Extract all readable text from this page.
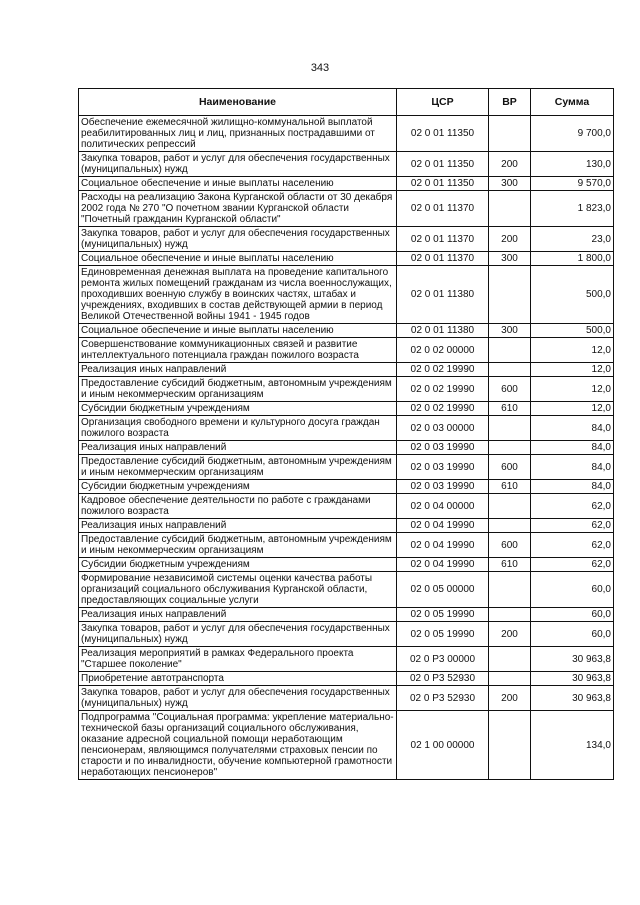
343
Наименование	ЦСР	ВР	Сумма
Обеспечение ежемесячной жилищно-коммунальной выплатой реабилитированных лиц и лиц, признанных пострадавшими от политических репрессий	02 0 01 11350		9 700,0
Закупка товаров, работ и услуг для обеспечения государственных (муниципальных) нужд	02 0 01 11350	200	130,0
Социальное обеспечение и иные выплаты населению	02 0 01 11350	300	9 570,0
Расходы на реализацию Закона Курганской области от 30 декабря 2002 года № 270 "О почетном звании Курганской области "Почетный гражданин Курганской области"	02 0 01 11370		1 823,0
Закупка товаров, работ и услуг для обеспечения государственных (муниципальных) нужд	02 0 01 11370	200	23,0
Социальное обеспечение и иные выплаты населению	02 0 01 11370	300	1 800,0
Единовременная денежная выплата на проведение капитального ремонта жилых помещений гражданам из числа военнослужащих, проходивших военную службу в воинских частях, штабах и учреждениях, входивших в состав действующей армии в период Великой Отечественной войны 1941 - 1945 годов	02 0 01 11380		500,0
Социальное обеспечение и иные выплаты населению	02 0 01 11380	300	500,0
Совершенствование коммуникационных связей и развитие интеллектуального потенциала граждан пожилого возраста	02 0 02 00000		12,0
Реализация иных направлений	02 0 02 19990		12,0
Предоставление субсидий бюджетным, автономным учреждениям и иным некоммерческим организациям	02 0 02 19990	600	12,0
Субсидии бюджетным учреждениям	02 0 02 19990	610	12,0
Организация свободного времени и культурного досуга граждан пожилого возраста	02 0 03 00000		84,0
Реализация иных направлений	02 0 03 19990		84,0
Предоставление субсидий бюджетным, автономным учреждениям и иным некоммерческим организациям	02 0 03 19990	600	84,0
Субсидии бюджетным учреждениям	02 0 03 19990	610	84,0
Кадровое обеспечение деятельности по работе с гражданами пожилого возраста	02 0 04 00000		62,0
Реализация иных направлений	02 0 04 19990		62,0
Предоставление субсидий бюджетным, автономным учреждениям и иным некоммерческим организациям	02 0 04 19990	600	62,0
Субсидии бюджетным учреждениям	02 0 04 19990	610	62,0
Формирование независимой системы оценки качества работы организаций социального обслуживания Курганской области, предоставляющих социальные услуги	02 0 05 00000		60,0
Реализация иных направлений	02 0 05 19990		60,0
Закупка товаров, работ и услуг для обеспечения государственных (муниципальных) нужд	02 0 05 19990	200	60,0
Реализация мероприятий в рамках Федерального проекта "Старшее поколение"	02 0 P3 00000		30 963,8
Приобретение автотранспорта	02 0 P3 52930		30 963,8
Закупка товаров, работ и услуг для обеспечения государственных (муниципальных) нужд	02 0 P3 52930	200	30 963,8
Подпрограмма "Социальная программа: укрепление материально-технической базы организаций социального обслуживания, оказание адресной социальной помощи неработающим пенсионерам, являющимся получателями страховых пенсии по старости и по инвалидности, обучение компьютерной грамотности неработающих пенсионеров"	02 1 00 00000		134,0
